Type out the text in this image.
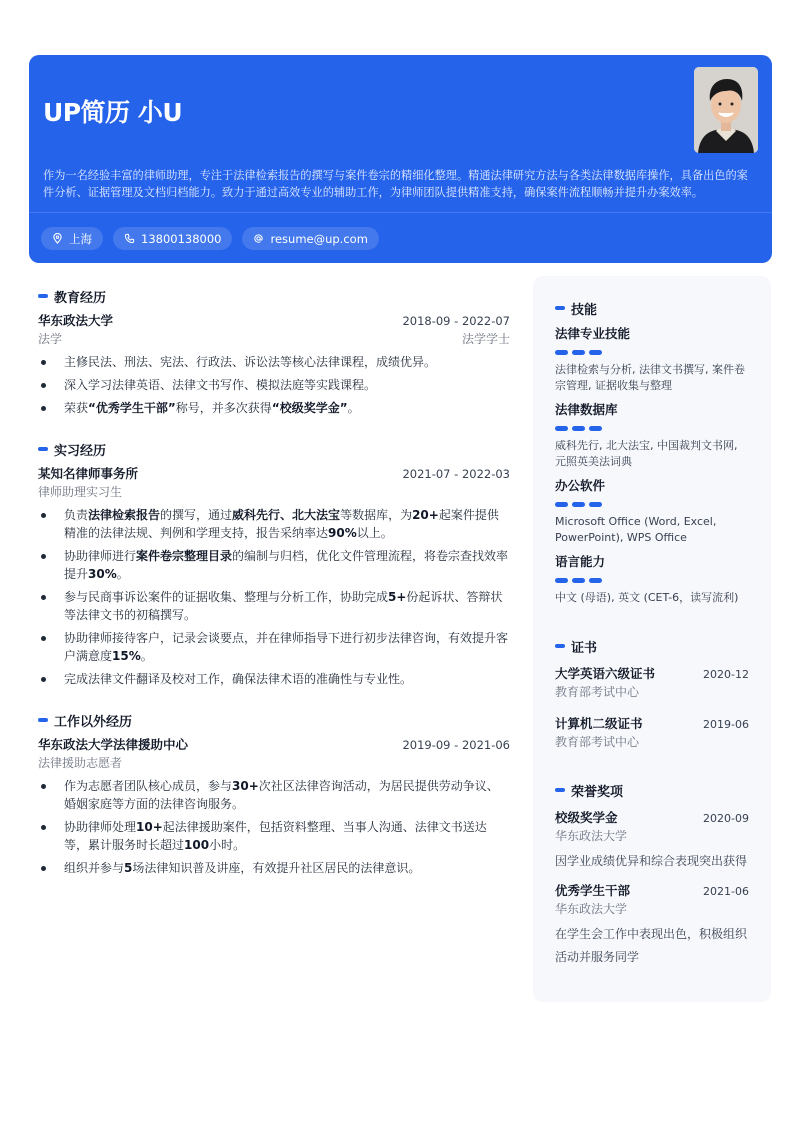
UP简历 小U
作为一名经验丰富的律师助理，专注于法律检索报告的撰写与案件卷宗的精细化整理。精通法律研究方法与各类法律数据库操作，具备出色的案件分析、证据管理及文档归档能力。致力于通过高效专业的辅助工作，为律师团队提供精准支持，确保案件流程顺畅并提升办案效率。
上海	13800138000	resume@up.com
教育经历
华东政法大学	2018-09 - 2022-07
法学	法学学士
主修民法、刑法、宪法、行政法、诉讼法等核心法律课程，成绩优异。
深入学习法律英语、法律文书写作、模拟法庭等实践课程。
荣获“优秀学生干部”称号，并多次获得“校级奖学金”。
实习经历
某知名律师事务所	2021-07 - 2022-03
律师助理实习生
负责法律检索报告的撰写，通过威科先行、北大法宝等数据库，为20+起案件提供精准的法律法规、判例和学理支持，报告采纳率达90%以上。
协助律师进行案件卷宗整理目录的编制与归档，优化文件管理流程，将卷宗查找效率提升30%。
参与民商事诉讼案件的证据收集、整理与分析工作，协助完成5+份起诉状、答辩状等法律文书的初稿撰写。
协助律师接待客户，记录会谈要点，并在律师指导下进行初步法律咨询，有效提升客户满意度15%。
完成法律文件翻译及校对工作，确保法律术语的准确性与专业性。
工作以外经历
华东政法大学法律援助中心	2019-09 - 2021-06
法律援助志愿者
作为志愿者团队核心成员，参与30+次社区法律咨询活动，为居民提供劳动争议、婚姻家庭等方面的法律咨询服务。
协助律师处理10+起法律援助案件，包括资料整理、当事人沟通、法律文书送达等，累计服务时长超过100小时。
组织并参与5场法律知识普及讲座，有效提升社区居民的法律意识。
技能
法律专业技能
法律检索与分析, 法律文书撰写, 案件卷宗管理, 证据收集与整理
法律数据库
威科先行, 北大法宝, 中国裁判文书网, 元照英美法词典
办公软件
Microsoft Office (Word, Excel, PowerPoint), WPS Office
语言能力
中文 (母语), 英文 (CET-6，读写流利)
证书
大学英语六级证书	2020-12
教育部考试中心
计算机二级证书	2019-06
教育部考试中心
荣誉奖项
校级奖学金	2020-09
华东政法大学
因学业成绩优异和综合表现突出获得
优秀学生干部	2021-06
华东政法大学
在学生会工作中表现出色，积极组织活动并服务同学
